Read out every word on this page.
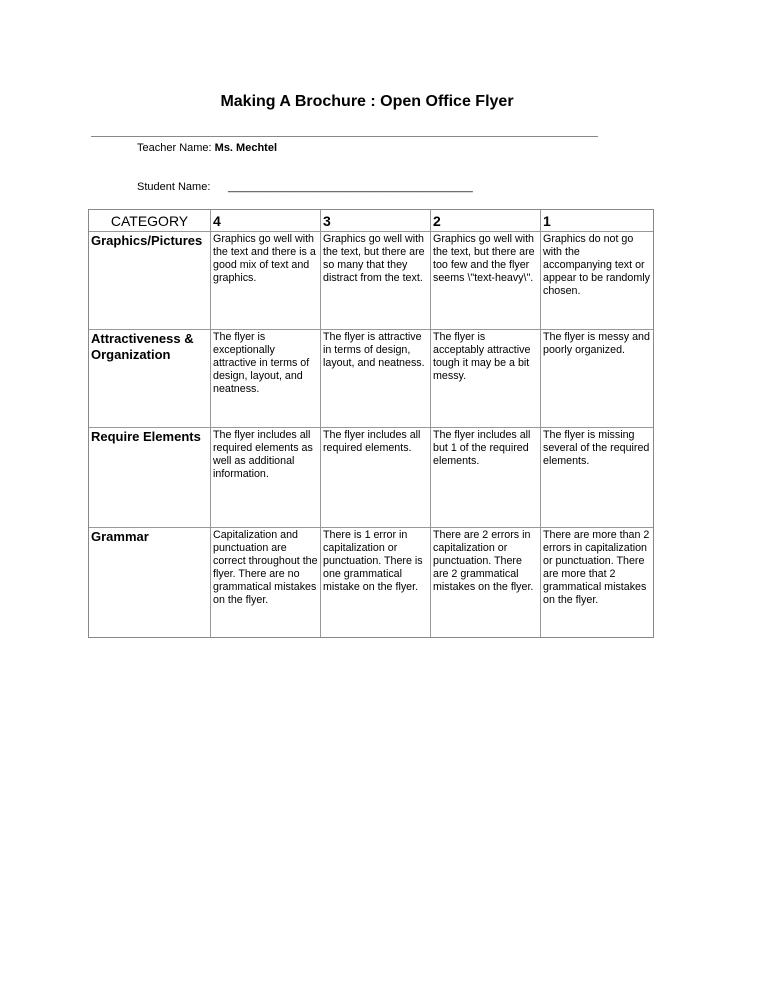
Making A Brochure : Open Office Flyer
Teacher Name: Ms. Mechtel
Student Name: ________________________________________
CATEGORY	4	3	2	1
Graphics/Pictures	Graphics go well with the text and there is a good mix of text and graphics.	Graphics go well with the text, but there are so many that they distract from the text.	Graphics go well with the text, but there are too few and the flyer seems \"text-heavy\".	Graphics do not go with the accompanying text or appear to be randomly chosen.
Attractiveness & Organization	The flyer is exceptionally attractive in terms of design, layout, and neatness.	The flyer is attractive in terms of design, layout, and neatness.	The flyer is acceptably attractive tough it may be a bit messy.	The flyer is messy and poorly organized.
Require Elements	The flyer includes all required elements as well as additional information.	The flyer includes all required elements.	The flyer includes all but 1 of the required elements.	The flyer is missing several of the required elements.
Grammar	Capitalization and punctuation are correct throughout the flyer. There are no grammatical mistakes on the flyer.	There is 1 error in capitalization or punctuation. There is one grammatical mistake on the flyer.	There are 2 errors in capitalization or punctuation. There are 2 grammatical mistakes on the flyer.	There are more than 2 errors in capitalization or punctuation. There are more that 2 grammatical mistakes on the flyer.
